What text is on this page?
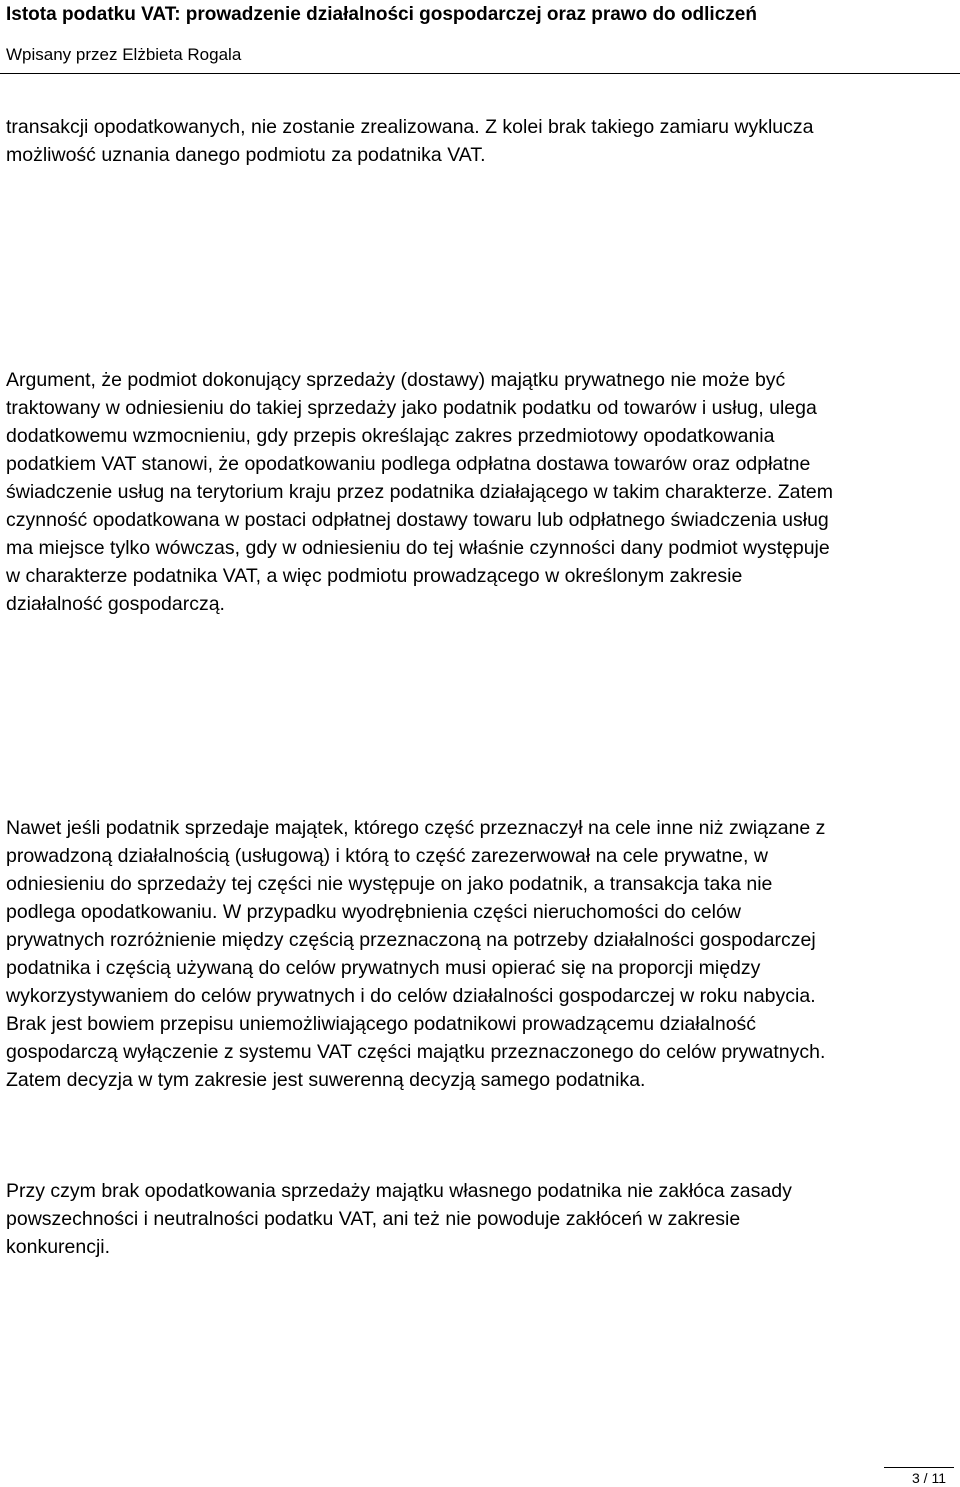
Istota podatku VAT: prowadzenie działalności gospodarczej oraz prawo do odliczeń
Wpisany przez Elżbieta Rogala

transakcji opodatkowanych, nie zostanie zrealizowana. Z kolei brak takiego zamiaru wyklucza
możliwość uznania danego podmiotu za podatnika VAT.

Argument, że podmiot dokonujący sprzedaży (dostawy) majątku prywatnego nie może być
traktowany w odniesieniu do takiej sprzedaży jako podatnik podatku od towarów i usług, ulega
dodatkowemu wzmocnieniu, gdy przepis określając zakres przedmiotowy opodatkowania
podatkiem VAT stanowi, że opodatkowaniu podlega odpłatna dostawa towarów oraz odpłatne
świadczenie usług na terytorium kraju przez podatnika działającego w takim charakterze. Zatem
czynność opodatkowana w postaci odpłatnej dostawy towaru lub odpłatnego świadczenia usług
ma miejsce tylko wówczas, gdy w odniesieniu do tej właśnie czynności dany podmiot występuje
w charakterze podatnika VAT, a więc podmiotu prowadzącego w określonym zakresie
działalność gospodarczą.

Nawet jeśli podatnik sprzedaje majątek, którego część przeznaczył na cele inne niż związane z
prowadzoną działalnością (usługową) i którą to część zarezerwował na cele prywatne, w
odniesieniu do sprzedaży tej części nie występuje on jako podatnik, a transakcja taka nie
podlega opodatkowaniu. W przypadku wyodrębnienia części nieruchomości do celów
prywatnych rozróżnienie między częścią przeznaczoną na potrzeby działalności gospodarczej
podatnika i częścią używaną do celów prywatnych musi opierać się na proporcji między
wykorzystywaniem do celów prywatnych i do celów działalności gospodarczej w roku nabycia.
Brak jest bowiem przepisu uniemożliwiającego podatnikowi prowadzącemu działalność
gospodarczą wyłączenie z systemu VAT części majątku przeznaczonego do celów prywatnych.
Zatem decyzja w tym zakresie jest suwerenną decyzją samego podatnika.

Przy czym brak opodatkowania sprzedaży majątku własnego podatnika nie zakłóca zasady
powszechności i neutralności podatku VAT, ani też nie powoduje zakłóceń w zakresie
konkurencji.

3 / 11
